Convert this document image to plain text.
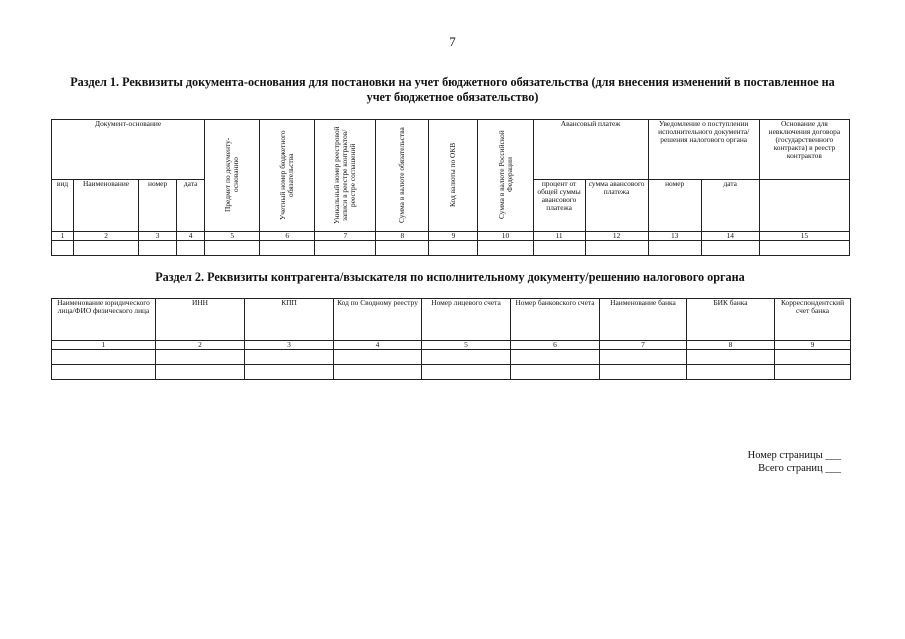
7
Раздел 1. Реквизиты документа-основания для постановки на учет бюджетного обязательства (для внесения изменений в поставленное на учет бюджетное обязательство)
Документ-основание				Предмет по документу-основанию	Учетный номер бюджетного обязательства	Уникальный номер реестровой записи в реестре контрактов/реестре соглашений	Сумма в валюте обязательства	Код валюты по ОКВ	Сумма в валюте Российской Федерации	Авансовый платеж		Уведомление о поступлении исполнительного документа/решения налогового органа		Основание для невключения договора (государственного контракта) в реестр контрактов
вид	Наименование	номер	дата							процент от общей суммы авансового платежа	сумма авансового платежа	номер	дата	
1	2	3	4	5	6	7	8	9	10	11	12	13	14	15

Раздел 2. Реквизиты контрагента/взыскателя по исполнительному документу/решению налогового органа
Наименование юридического лица/ФИО физического лица	ИНН	КПП	Код по Сводному реестру	Номер лицевого счета	Номер банковского счета	Наименование банка	БИК банка	Корреспондентский счет банка
1	2	3	4	5	6	7	8	9

Номер страницы ___
Всего страниц ___
